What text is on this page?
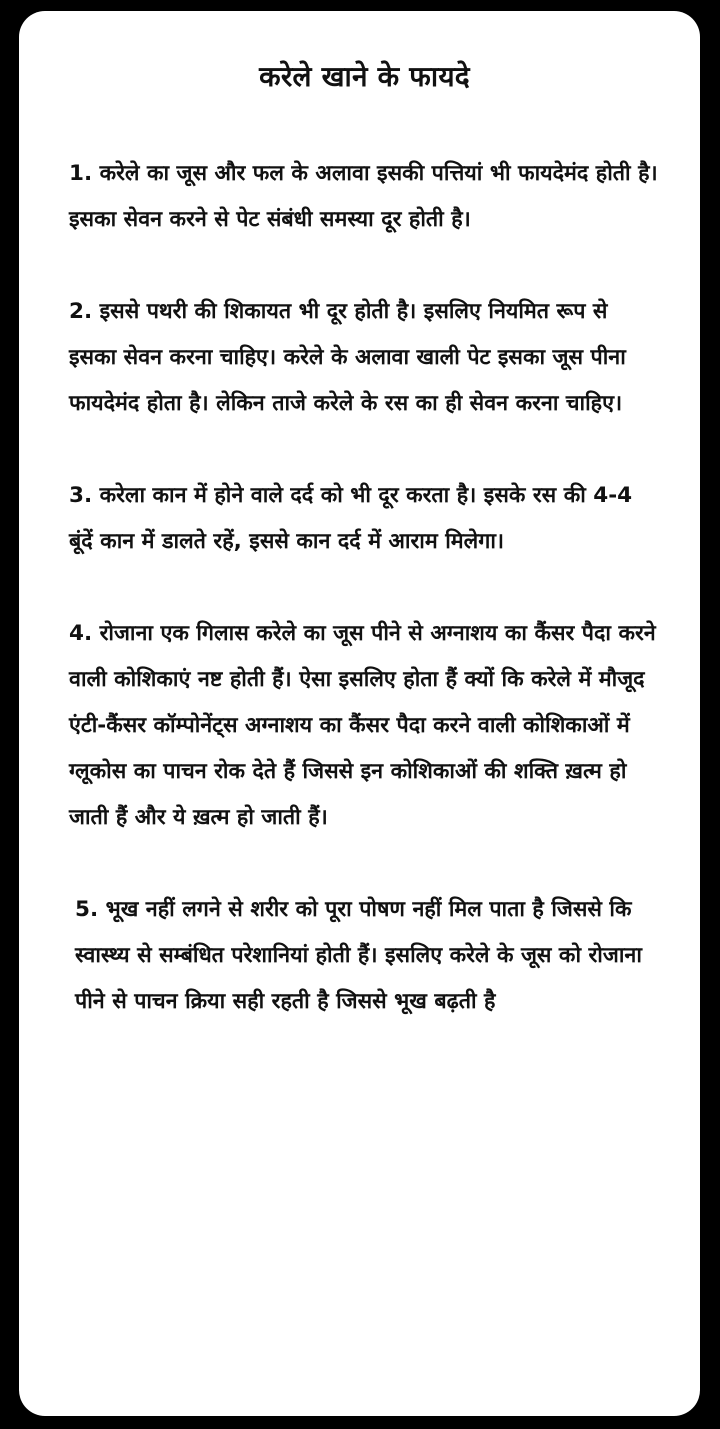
करेले खाने के फायदे
1. करेले का जूस और फल के अलावा इसकी पत्तियां भी फायदेमंद होती है। इसका सेवन करने से पेट संबंधी समस्या दूर होती है।
2. इससे पथरी की शिकायत भी दूर होती है। इसलिए नियमित रूप से इसका सेवन करना चाहिए। करेले के अलावा खाली पेट इसका जूस पीना फायदेमंद होता है। लेकिन ताजे करेले के रस का ही सेवन करना चाहिए।
3. करेला कान में होने वाले दर्द को भी दूर करता है। इसके रस की 4-4 बूंदें कान में डालते रहें, इससे कान दर्द में आराम मिलेगा।
4. रोजाना एक गिलास करेले का जूस पीने से अग्नाशय का कैंसर पैदा करने वाली कोशिकाएं नष्ट होती हैं। ऐसा इसलिए होता हैं क्यों कि करेले में मौजूद एंटी-कैंसर कॉम्पोनेंट्स अग्नाशय का कैंसर पैदा करने वाली कोशिकाओं में ग्लूकोस का पाचन रोक देते हैं जिससे इन कोशिकाओं की शक्ति ख़त्म हो जाती हैं और ये ख़त्म हो जाती हैं।
5. भूख नहीं लगने से शरीर को पूरा पोषण नहीं मिल पाता है जिससे कि स्वास्थ्य से सम्बंधित परेशानियां होती हैं। इसलिए करेले के जूस को रोजाना पीने से पाचन क्रिया सही रहती है जिससे भूख बढ़ती है
